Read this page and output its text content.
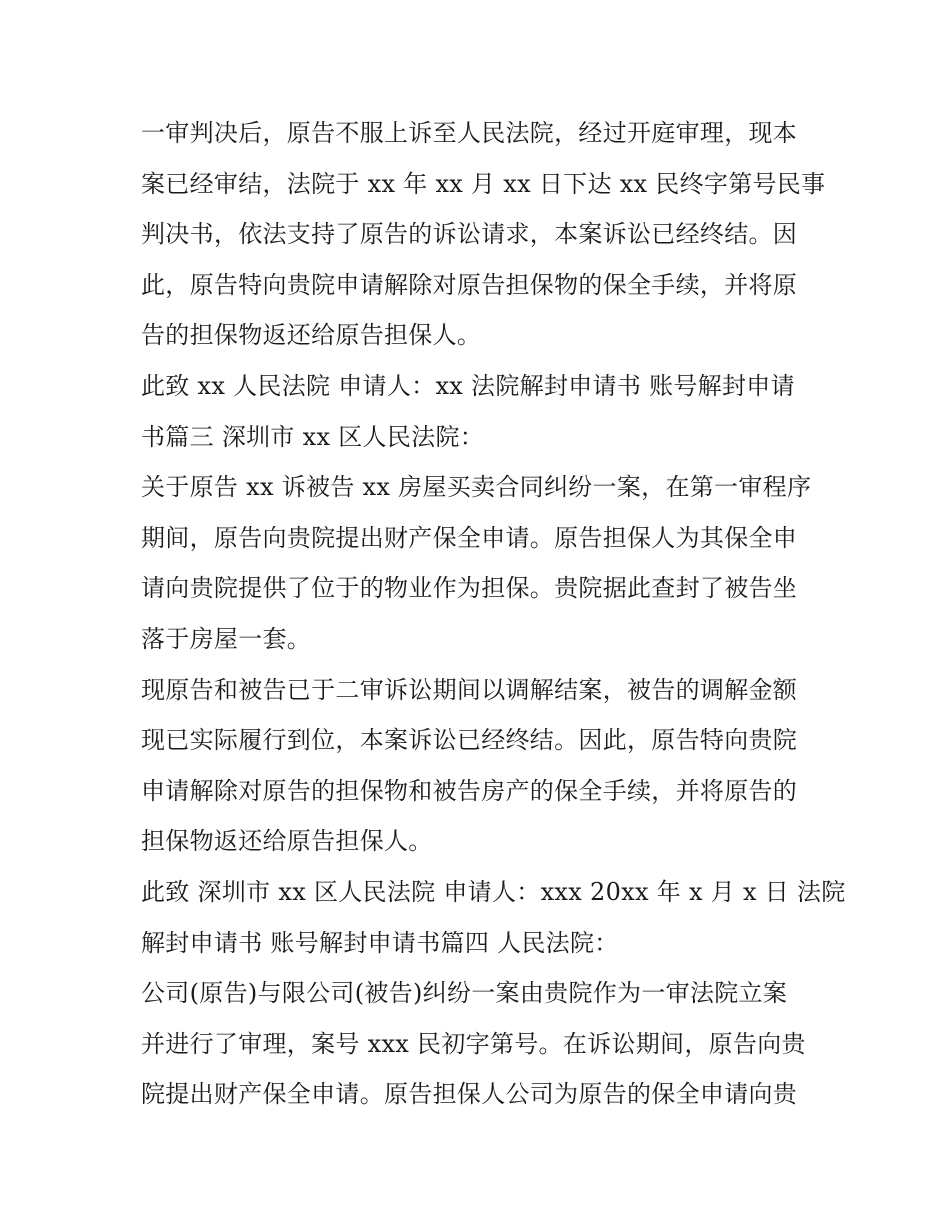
一审判决后，原告不服上诉至人民法院，经过开庭审理，现本
案已经审结，法院于 xx 年 xx 月 xx 日下达 xx 民终字第号民事
判决书，依法支持了原告的诉讼请求，本案诉讼已经终结。因
此，原告特向贵院申请解除对原告担保物的保全手续，并将原
告的担保物返还给原告担保人。
此致 xx 人民法院 申请人：xx 法院解封申请书 账号解封申请
书篇三 深圳市 xx 区人民法院：
关于原告 xx 诉被告 xx 房屋买卖合同纠纷一案，在第一审程序
期间，原告向贵院提出财产保全申请。原告担保人为其保全申
请向贵院提供了位于的物业作为担保。贵院据此查封了被告坐
落于房屋一套。
现原告和被告已于二审诉讼期间以调解结案，被告的调解金额
现已实际履行到位，本案诉讼已经终结。因此，原告特向贵院
申请解除对原告的担保物和被告房产的保全手续，并将原告的
担保物返还给原告担保人。
此致 深圳市 xx 区人民法院 申请人：xxx 20xx 年 x 月 x 日 法院
解封申请书 账号解封申请书篇四 人民法院：
公司(原告)与限公司(被告)纠纷一案由贵院作为一审法院立案
并进行了审理，案号 xxx 民初字第号。在诉讼期间，原告向贵
院提出财产保全申请。原告担保人公司为原告的保全申请向贵
